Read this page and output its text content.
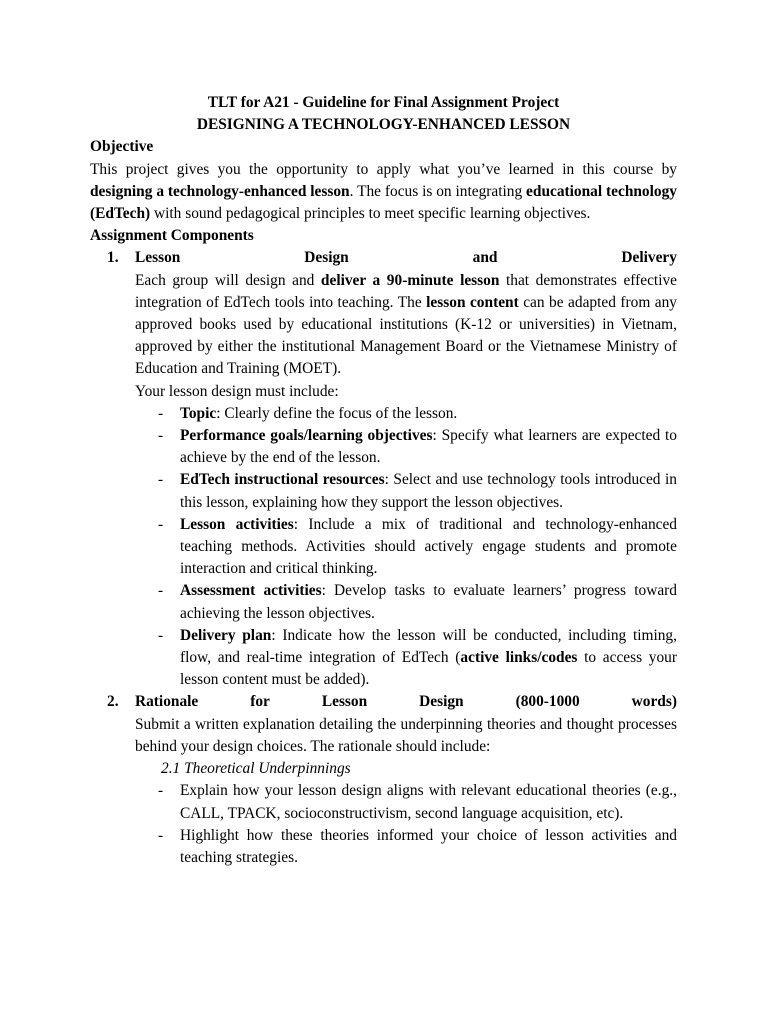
TLT for A21 - Guideline for Final Assignment Project
DESIGNING A TECHNOLOGY-ENHANCED LESSON
Objective

This project gives you the opportunity to apply what you’ve learned in this course by designing a technology-enhanced lesson. The focus is on integrating educational technology (EdTech) with sound pedagogical principles to meet specific learning objectives.

Assignment Components
1. Lesson	Design	and	Delivery

Each group will design and deliver a 90-minute lesson that demonstrates effective integration of EdTech tools into teaching. The lesson content can be adapted from any approved books used by educational institutions (K-12 or universities) in Vietnam, approved by either the institutional Management Board or the Vietnamese Ministry of Education and Training (MOET).

Your lesson design must include:
- Topic: Clearly define the focus of the lesson.
- Performance goals/learning objectives: Specify what learners are expected to achieve by the end of the lesson.
- EdTech instructional resources: Select and use technology tools introduced in this lesson, explaining how they support the lesson objectives.
- Lesson activities: Include a mix of traditional and technology-enhanced teaching methods. Activities should actively engage students and promote interaction and critical thinking.
- Assessment activities: Develop tasks to evaluate learners’ progress toward achieving the lesson objectives.
- Delivery plan: Indicate how the lesson will be conducted, including timing, flow, and real-time integration of EdTech (active links/codes to access your lesson content must be added).
2. Rationale	for	Lesson	Design	(800-1000	words)

Submit a written explanation detailing the underpinning theories and thought processes behind your design choices. The rationale should include:

2.1 Theoretical Underpinnings
- Explain how your lesson design aligns with relevant educational theories (e.g., CALL, TPACK, socioconstructivism, second language acquisition, etc).
- Highlight how these theories informed your choice of lesson activities and teaching strategies.
